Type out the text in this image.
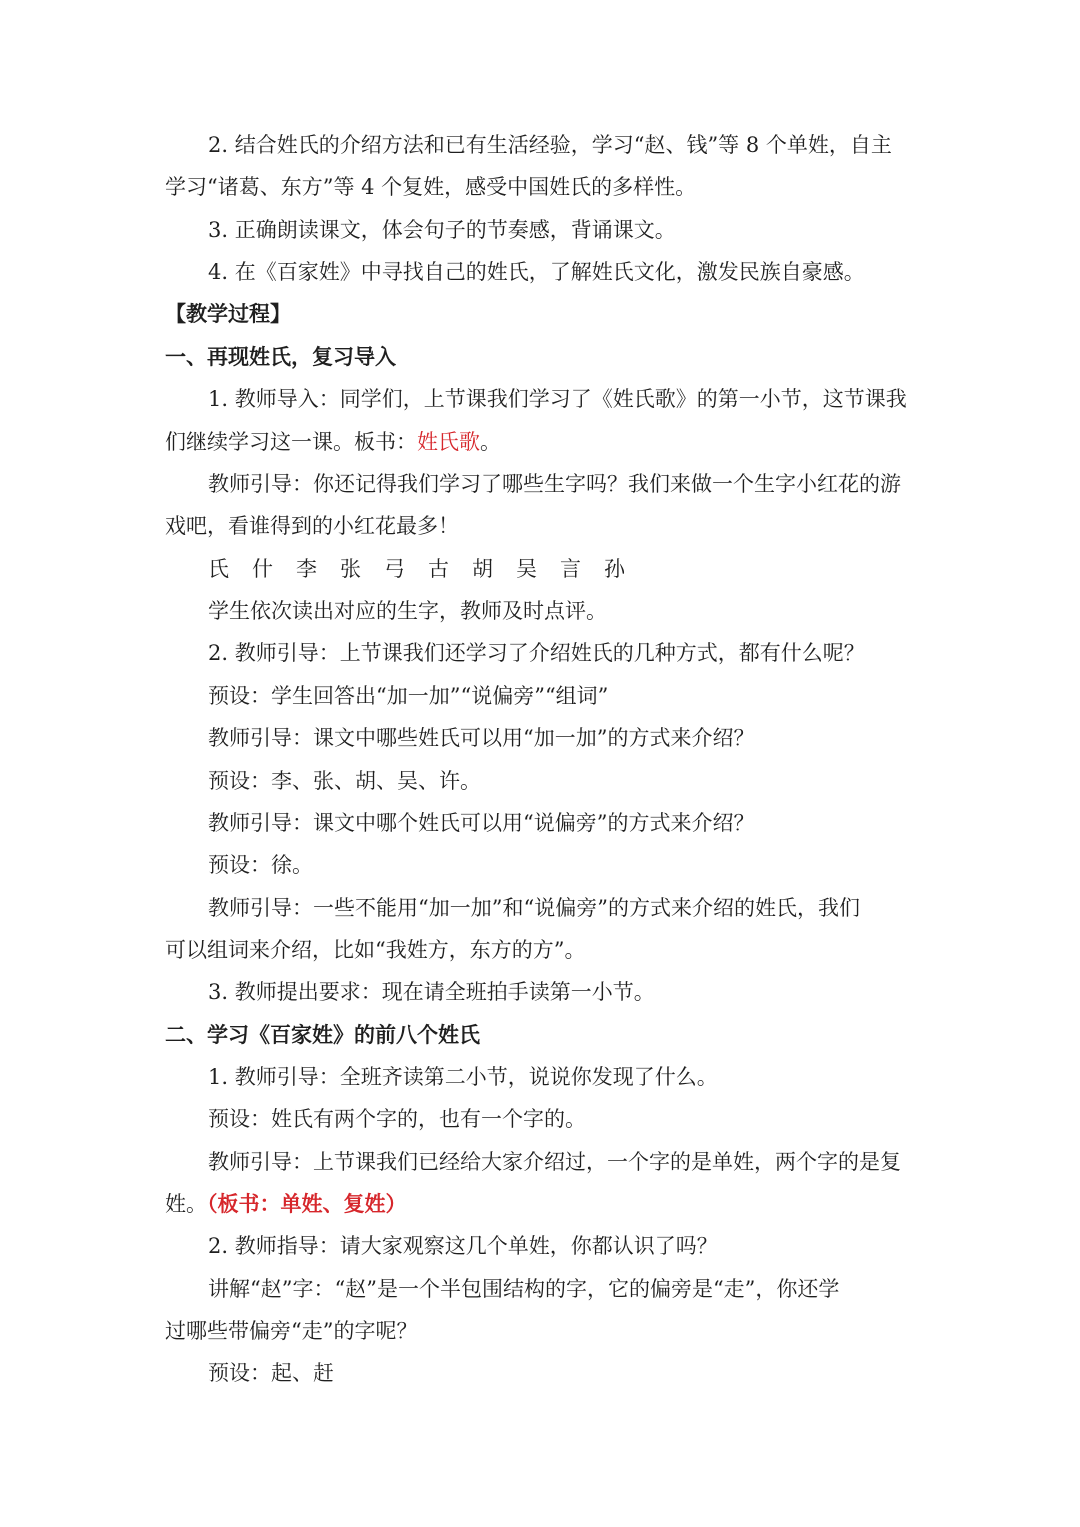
2. 结合姓氏的介绍方法和已有生活经验，学习“赵、钱”等 8 个单姓，自主
学习“诸葛、东方”等 4 个复姓，感受中国姓氏的多样性。
3. 正确朗读课文，体会句子的节奏感，背诵课文。
4. 在《百家姓》中寻找自己的姓氏，了解姓氏文化，激发民族自豪感。
【教学过程】
一、再现姓氏，复习导入
1. 教师导入：同学们，上节课我们学习了《姓氏歌》的第一小节，这节课我
们继续学习这一课。板书：姓氏歌。
教师引导：你还记得我们学习了哪些生字吗？我们来做一个生字小红花的游
戏吧，看谁得到的小红花最多！
氏 什 李 张 弓 古 胡 吴 言 孙
学生依次读出对应的生字，教师及时点评。
2. 教师引导：上节课我们还学习了介绍姓氏的几种方式，都有什么呢？
预设：学生回答出“加一加”“说偏旁”“组词”
教师引导：课文中哪些姓氏可以用“加一加”的方式来介绍？
预设：李、张、胡、吴、许。
教师引导：课文中哪个姓氏可以用“说偏旁”的方式来介绍？
预设：徐。
教师引导：一些不能用“加一加”和“说偏旁”的方式来介绍的姓氏，我们
可以组词来介绍，比如“我姓方，东方的方”。
3. 教师提出要求：现在请全班拍手读第一小节。
二、学习《百家姓》的前八个姓氏
1. 教师引导：全班齐读第二小节，说说你发现了什么。
预设：姓氏有两个字的，也有一个字的。
教师引导：上节课我们已经给大家介绍过，一个字的是单姓，两个字的是复
姓。（板书：单姓、复姓）
2. 教师指导：请大家观察这几个单姓，你都认识了吗？
讲解“赵”字：“赵”是一个半包围结构的字，它的偏旁是“走”，你还学
过哪些带偏旁“走”的字呢？
预设：起、赶
